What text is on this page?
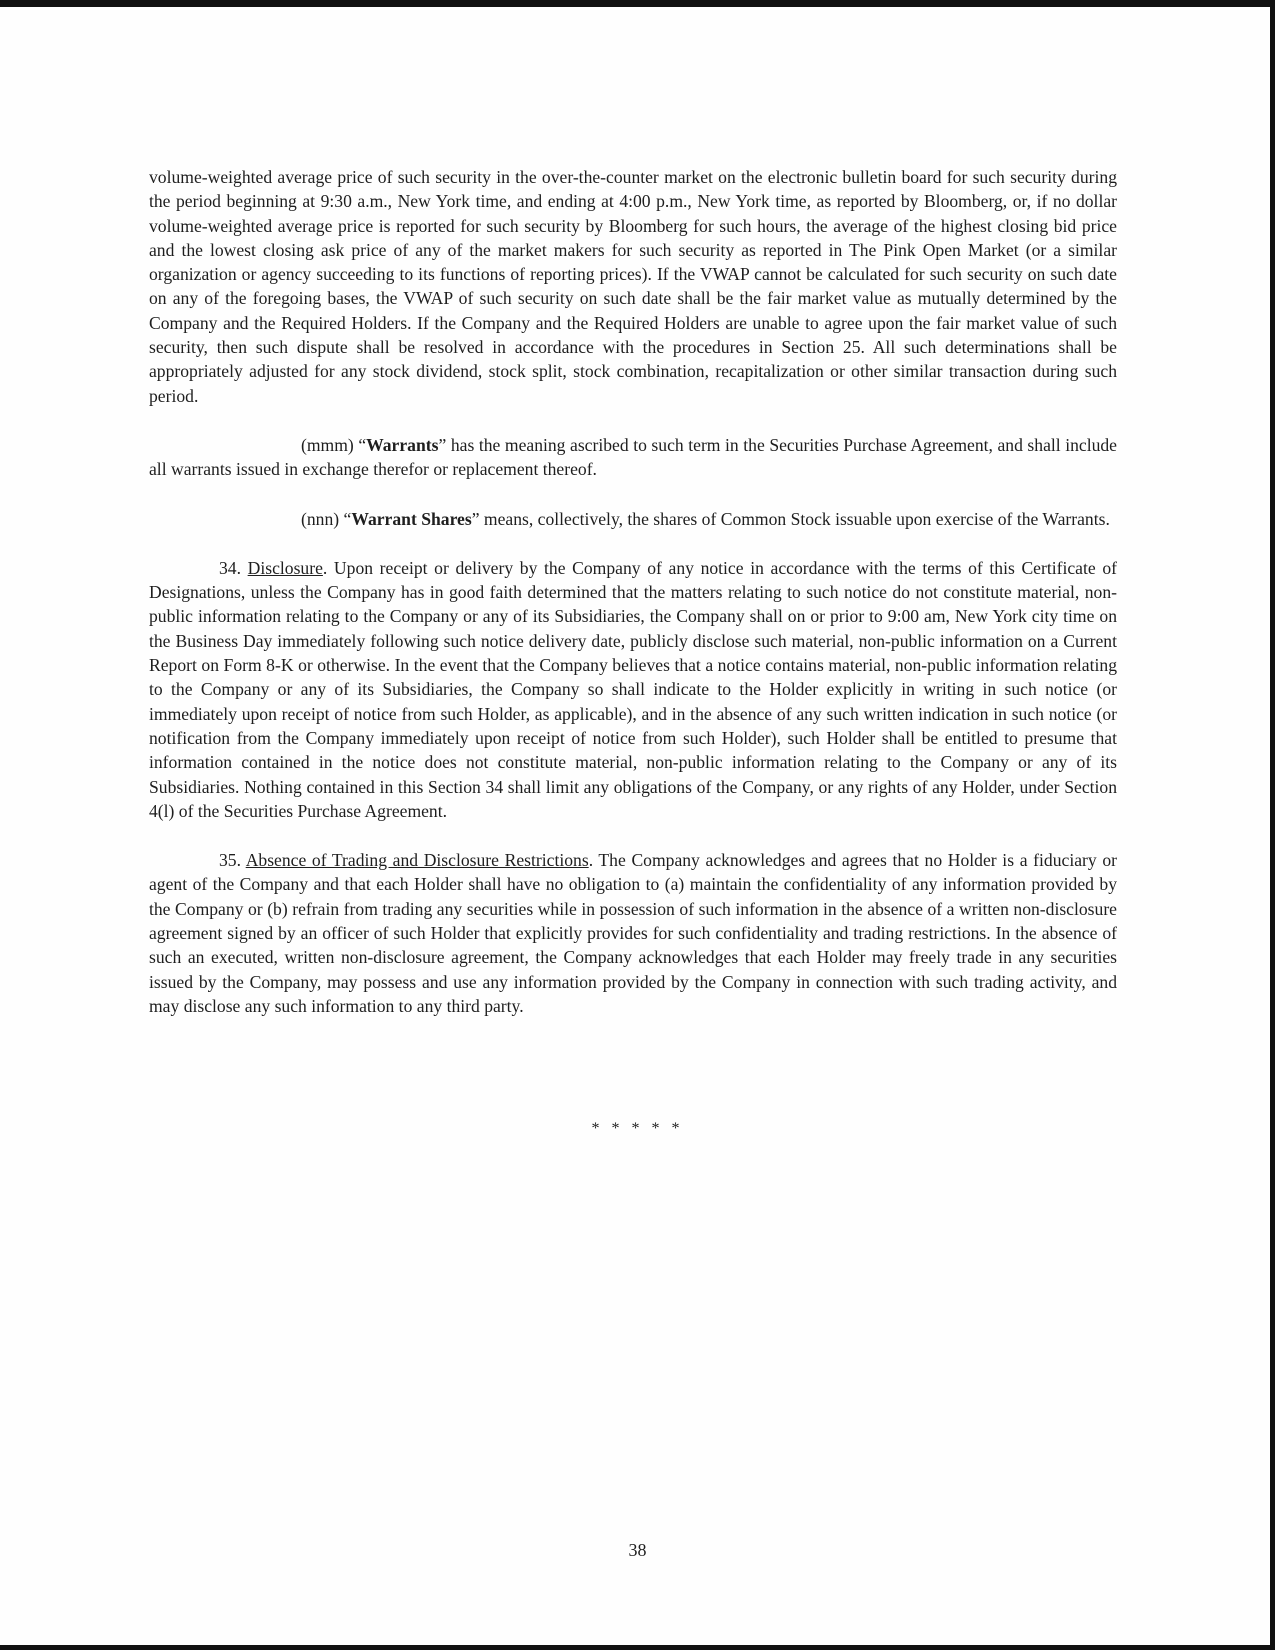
volume-weighted average price of such security in the over-the-counter market on the electronic bulletin board for such security during the period beginning at 9:30 a.m., New York time, and ending at 4:00 p.m., New York time, as reported by Bloomberg, or, if no dollar volume-weighted average price is reported for such security by Bloomberg for such hours, the average of the highest closing bid price and the lowest closing ask price of any of the market makers for such security as reported in The Pink Open Market (or a similar organization or agency succeeding to its functions of reporting prices). If the VWAP cannot be calculated for such security on such date on any of the foregoing bases, the VWAP of such security on such date shall be the fair market value as mutually determined by the Company and the Required Holders. If the Company and the Required Holders are unable to agree upon the fair market value of such security, then such dispute shall be resolved in accordance with the procedures in Section 25. All such determinations shall be appropriately adjusted for any stock dividend, stock split, stock combination, recapitalization or other similar transaction during such period.

(mmm) “Warrants” has the meaning ascribed to such term in the Securities Purchase Agreement, and shall include all warrants issued in exchange therefor or replacement thereof.

(nnn) “Warrant Shares” means, collectively, the shares of Common Stock issuable upon exercise of the Warrants.

34. Disclosure. Upon receipt or delivery by the Company of any notice in accordance with the terms of this Certificate of Designations, unless the Company has in good faith determined that the matters relating to such notice do not constitute material, non-public information relating to the Company or any of its Subsidiaries, the Company shall on or prior to 9:00 am, New York city time on the Business Day immediately following such notice delivery date, publicly disclose such material, non-public information on a Current Report on Form 8-K or otherwise. In the event that the Company believes that a notice contains material, non-public information relating to the Company or any of its Subsidiaries, the Company so shall indicate to the Holder explicitly in writing in such notice (or immediately upon receipt of notice from such Holder, as applicable), and in the absence of any such written indication in such notice (or notification from the Company immediately upon receipt of notice from such Holder), such Holder shall be entitled to presume that information contained in the notice does not constitute material, non-public information relating to the Company or any of its Subsidiaries. Nothing contained in this Section 34 shall limit any obligations of the Company, or any rights of any Holder, under Section 4(l) of the Securities Purchase Agreement.

35. Absence of Trading and Disclosure Restrictions. The Company acknowledges and agrees that no Holder is a fiduciary or agent of the Company and that each Holder shall have no obligation to (a) maintain the confidentiality of any information provided by the Company or (b) refrain from trading any securities while in possession of such information in the absence of a written non-disclosure agreement signed by an officer of such Holder that explicitly provides for such confidentiality and trading restrictions. In the absence of such an executed, written non-disclosure agreement, the Company acknowledges that each Holder may freely trade in any securities issued by the Company, may possess and use any information provided by the Company in connection with such trading activity, and may disclose any such information to any third party.

* * * * *
38
